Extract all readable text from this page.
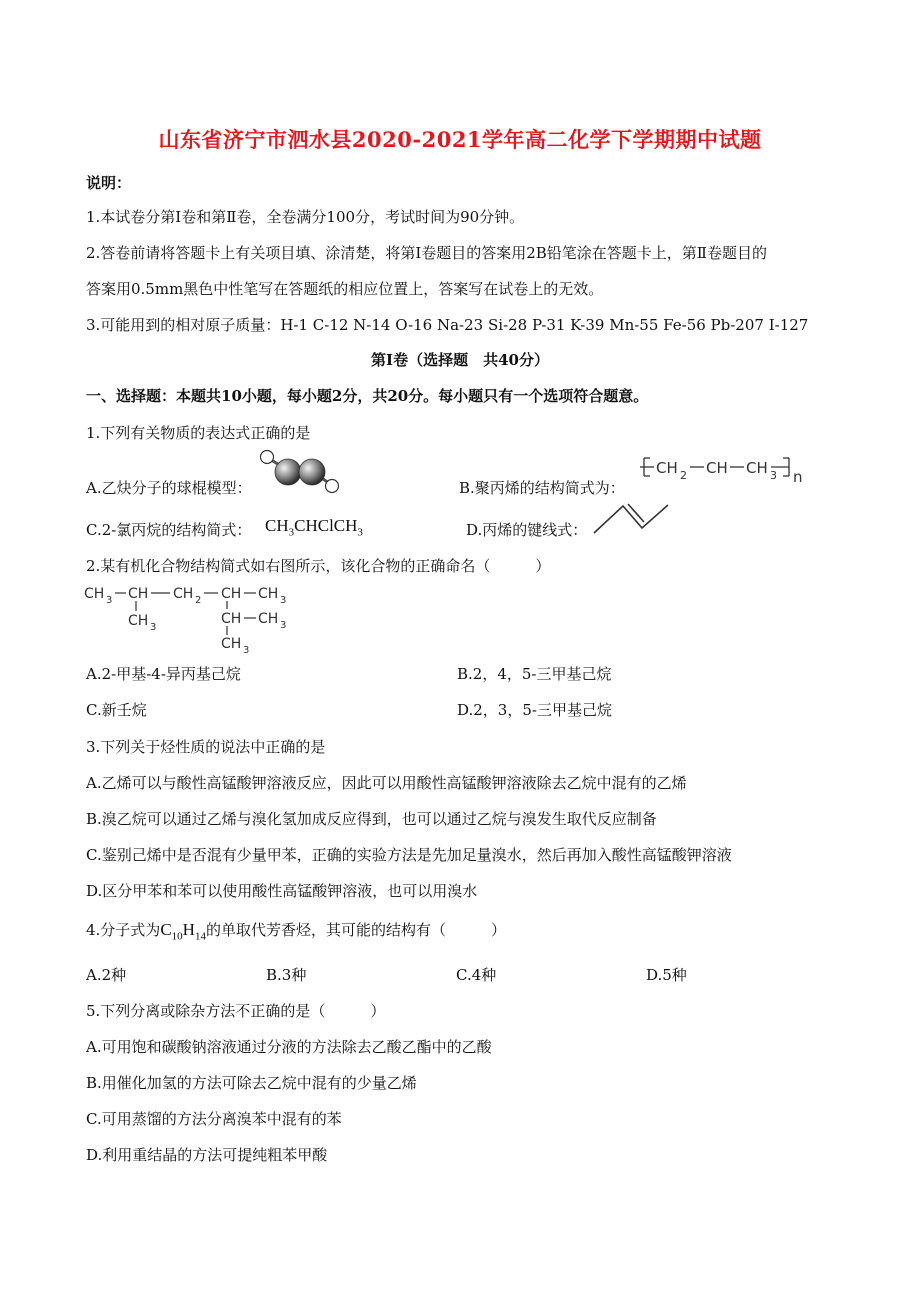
山东省济宁市泗水县2020-2021学年高二化学下学期期中试题
说明：
1.本试卷分第Ⅰ卷和第Ⅱ卷，全卷满分100分，考试时间为90分钟。
2.答卷前请将答题卡上有关项目填、涂清楚，将第Ⅰ卷题目的答案用2B铅笔涂在答题卡上，第Ⅱ卷题目的
答案用0.5mm黑色中性笔写在答题纸的相应位置上，答案写在试卷上的无效。
3.可能用到的相对原子质量：H-1 C-12 N-14 O-16 Na-23 Si-28 P-31 K-39 Mn-55 Fe-56 Pb-207 I-127
第Ⅰ卷（选择题　共40分）
一、选择题：本题共10小题，每小题2分，共20分。每小题只有一个选项符合题意。
1.下列有关物质的表达式正确的是
A.乙炔分子的球棍模型：	B.聚丙烯的结构简式为：
CH 2 CH CH 3 n
C.2-氯丙烷的结构简式： $CH_3CHClCH_3$	D.丙烯的键线式：
2.某有机化合物结构简式如右图所示，该化合物的正确命名（　　　）
CH 3 CH CH 2 CH CH 3
CH 3
CH CH 3
CH 3
A.2-甲基-4-异丙基己烷	B.2，4，5-三甲基己烷
C.新壬烷	D.2，3，5-三甲基己烷
3.下列关于烃性质的说法中正确的是
A.乙烯可以与酸性高锰酸钾溶液反应，因此可以用酸性高锰酸钾溶液除去乙烷中混有的乙烯
B.溴乙烷可以通过乙烯与溴化氢加成反应得到，也可以通过乙烷与溴发生取代反应制备
C.鉴别己烯中是否混有少量甲苯，正确的实验方法是先加足量溴水，然后再加入酸性高锰酸钾溶液
D.区分甲苯和苯可以使用酸性高锰酸钾溶液，也可以用溴水
4.分子式为$C_{10}H_{14}$的单取代芳香烃，其可能的结构有（　　　）
A.2种	B.3种	C.4种	D.5种
5.下列分离或除杂方法不正确的是（　　　）
A.可用饱和碳酸钠溶液通过分液的方法除去乙酸乙酯中的乙酸
B.用催化加氢的方法可除去乙烷中混有的少量乙烯
C.可用蒸馏的方法分离溴苯中混有的苯
D.利用重结晶的方法可提纯粗苯甲酸
